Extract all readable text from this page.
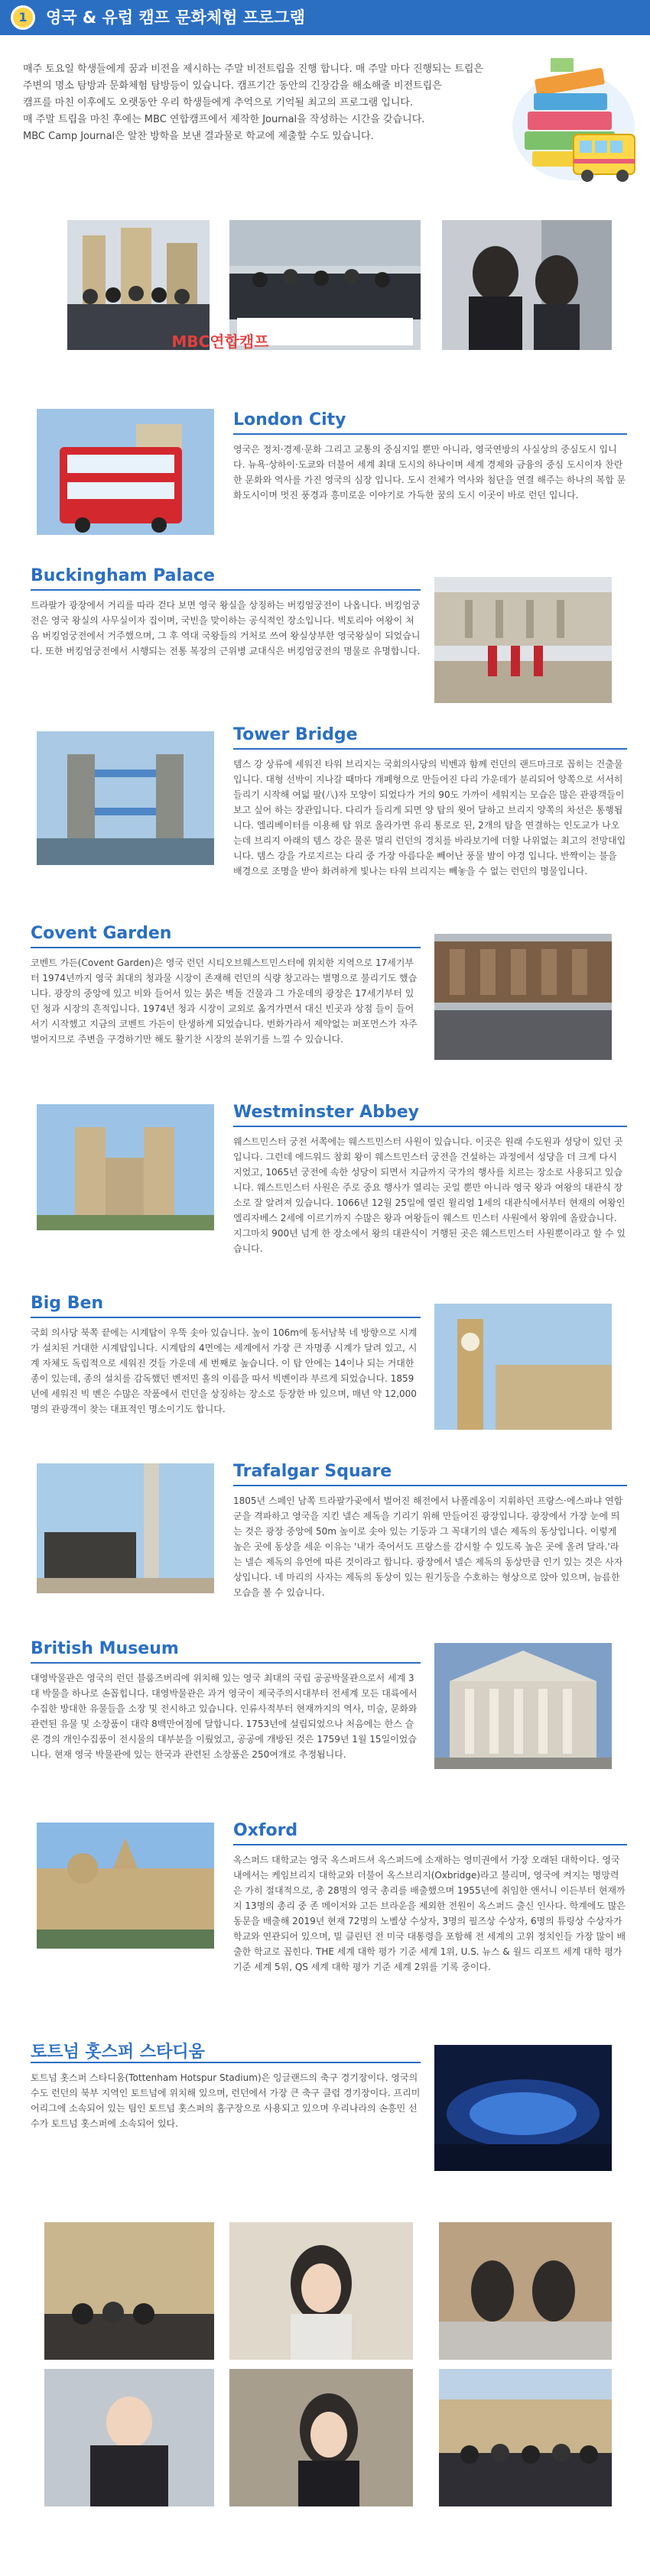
1	영국 & 유럽 캠프 문화체험 프로그램

매주 토요일 학생들에게 꿈과 비전을 제시하는 주말 비전트립을 진행 합니다. 매 주말 마다 진행되는 트립은

주변의 명소 탐방과 문화체험 탐방등이 있습니다. 캠프기간 동안의 긴장감을 해소해줄 비전트립은

캠프를 마친 이후에도 오랫동안 우리 학생들에게 추억으로 기억될 최고의 프로그램 입니다.

매 주말 트립을 마친 후에는 MBC 연합캠프에서 제작한 Journal을 작성하는 시간을 갖습니다.

MBC Camp Journal은 알찬 방학을 보낸 결과물로 학교에 제출할 수도 있습니다.

MBC연합캠프
London City
영국은 정치·경제·문화 그리고 교통의 중심지일 뿐만 아니라, 영국연방의 사실상의 중심도시 입니다. 뉴욕·상하이·도쿄와 더불어 세계 최대 도시의 하나이며 세계 경제와 금융의 중심 도시이자 찬란한 문화와 역사를 가진 영국의 심장 입니다. 도시 전체가 역사와 첨단을 연결 해주는 하나의 복합 문화도시이며 멋진 풍경과 흥미로운 이야기로 가득한 꿈의 도시 이곳이 바로 런던 입니다.
Buckingham Palace
트라팔가 광장에서 거리를 따라 걷다 보면 영국 왕실을 상징하는 버킹엄궁전이 나옵니다. 버킹엄궁전은 영국 왕실의 사무실이자 집이며, 국빈을 맞이하는 공식적인 장소입니다. 빅토리아 여왕이 처음 버킹엄궁전에서 거주했으며, 그 후 역대 국왕들의 거처로 쓰여 왕실상부한 영국왕실이 되었습니다. 또한 버킹엄궁전에서 시행되는 전통 복장의 근위병 교대식은 버킹엄궁전의 명물로 유명합니다.
Tower Bridge
템스 강 상류에 세워진 타워 브리지는 국회의사당의 빅벤과 함께 런던의 랜드마크로 꼽히는 건출물입니다. 대형 선박이 지나갈 때마다 개폐형으로 만들어진 다리 가운데가 분리되어 양쪽으로 서서히 들리기 시작해 여덟 팔(八)자 모양이 되었다가 거의 90도 가까이 세워지는 모습은 많은 관광객들이 보고 싶어 하는 장관입니다. 다리가 들리게 되면 양 탑의 윗어 달하고 브리지 양쪽의 차선은 통행됩니다. 엘리베이터를 이용해 탑 위로 올라가면 유리 통로로 된, 2개의 탑을 연결하는 인도교가 나오는데 브리지 아래의 템스 강은 물론 멀리 런던의 경치를 바라보기에 더할 나위없는 최고의 전망대입니다. 템스 강을 가로지르는 다리 중 가장 아름다운 빼어난 풍물 밤이 야경 입니다. 반짝이는 불을 배경으로 조명을 받아 화려하게 빛나는 타워 브리지는 빼놓을 수 없는 런던의 명물입니다.
Covent Garden
코벤트 가든(Covent Garden)은 영국 런던 시티오브웨스트민스터에 위치한 지역으로 17세기부터 1974년까지 영국 최대의 청과물 시장이 존재해 런던의 식량 창고라는 별명으로 불리기도 했습니다. 광장의 중앙에 있고 비와 들어서 있는 붉은 벽돌 건물과 그 가운데의 광장은 17세기부터 있던 청과 시장의 흔적입니다. 1974년 청과 시장이 교외로 옮겨가면서 대신 빈곳과 상점 들이 들어서기 시작했고 지금의 코벤트 가든이 탄생하게 되었습니다. 번화가라서 제약없는 퍼포먼스가 자주 벌어지므로 주변을 구경하기만 해도 활기찬 시장의 분위기를 느낄 수 있습니다.
Westminster Abbey
웨스트민스터 궁전 서쪽에는 웨스트민스터 사원이 있습니다. 이곳은 원래 수도원과 성당이 있던 곳입니다. 그런데 에드워드 참회 왕이 웨스트민스터 궁전을 건설하는 과정에서 성당을 더 크게 다시 지었고, 1065년 궁전에 속한 성당이 되면서 지금까지 국가의 행사를 치르는 장소로 사용되고 있습니다. 웨스트민스터 사원은 주로 중요 행사가 열리는 곳일 뿐만 아니라 영국 왕과 여왕의 대관식 장소로 잘 알려져 있습니다. 1066년 12월 25일에 열린 윌리엄 1세의 대관식에서부터 현재의 여왕인 엘리자베스 2세에 이르기까지 수많은 왕과 여왕들이 웨스트 민스터 사원에서 왕위에 올랐습니다. 지그마치 900년 넘게 한 장소에서 왕의 대관식이 거행된 곳은 웨스트민스터 사원뿐이라고 할 수 있습니다.
Big Ben
국회 의사당 북쪽 끝에는 시계탑이 우뚝 솟아 있습니다. 높이 106m에 동서남북 네 방향으로 시계가 설치된 거대한 시계탑입니다. 시계탑의 4면에는 세계에서 가장 큰 자명종 시계가 달려 있고, 시계 자체도 독립적으로 세워진 것들 가운데 세 번째로 높습니다. 이 탑 안에는 14이나 되는 거대한 종이 있는데, 종의 설치를 감독했던 벤저민 홀의 이름을 따서 빅벤이라 부르게 되었습니다. 1859년에 세워진 빅 벤은 수많은 작품에서 런던을 상징하는 장소로 등장한 바 있으며, 매년 약 12,000명의 관광객이 찾는 대표적인 명소이기도 합니다.
Trafalgar Square
1805년 스페인 남쪽 트라팔가곶에서 벌어진 해전에서 나폴레옹이 지휘하던 프랑스·에스파냐 연합군을 격파하고 영국을 지킨 넬슨 제독을 기리기 위해 만들어진 광장입니다. 광장에서 가장 눈에 띄는 것은 광장 중앙에 50m 높이로 솟아 있는 기둥과 그 꼭대기의 넬슨 제독의 동상입니다. 이렇게 높은 곳에 동상을 세운 이유는 '내가 죽어서도 프랑스를 감시할 수 있도록 높은 곳에 올려 달라.'라는 넬슨 제독의 유언에 따른 것이라고 합니다. 광장에서 넬슨 제독의 동상만큼 인기 있는 것은 사자상입니다. 네 마리의 사자는 제독의 동상이 있는 원기둥을 수호하는 형상으로 앉아 있으며, 늠름한 모습을 볼 수 있습니다.
British Museum
대영박물관은 영국의 런던 블룸즈버리에 위치해 있는 영국 최대의 국립 공공박물관으로서 세계 3대 박물을 하나로 손꼽힙니다. 대영박물관은 과거 영국이 제국주의시대부터 전세계 모든 대륙에서 수집한 방대한 유물들을 소장 및 전시하고 있습니다. 인류사적부터 현재까지의 역사, 미술, 문화와 관련된 유물 및 소장품이 대략 8백만여점에 달합니다. 1753년에 설립되었으나 처음에는 한스 슬론 경의 개인수집품이 전시물의 대부분을 이뤘었고, 공공에 개방된 것은 1759년 1월 15일이었습니다. 현재 영국 박물관에 있는 한국과 관련된 소장품은 250여개로 추정됩니다.
Oxford
옥스퍼드 대학교는 영국 옥스퍼드셔 옥스퍼드에 소재하는 영미권에서 가장 오래된 대학이다. 영국 내에서는 케임브리지 대학교와 더불어 옥스브리지(Oxbridge)라고 불리며, 영국에 켜지는 명망력은 가히 절대적으로, 총 28명의 영국 총리를 배출했으며 1955년에 취임한 앤서니 이든부터 현재까지 13명의 총리 중 존 메이저와 고든 브라운을 제외한 전원이 옥스퍼드 출신 인사다. 학계에도 많은 동문을 배출해 2019년 현재 72명의 노벨상 수상자, 3명의 필즈상 수상자, 6명의 튜링상 수상자가 학교와 연관되어 있으며, 빌 클린턴 전 미국 대통령을 포함해 전 세계의 고위 정치인들 가장 많이 배출한 학교로 꼽힌다. THE 세계 대학 평가 기준 세계 1위, U.S. 뉴스 & 월드 리포트 세계 대학 평가 기준 세계 5위, QS 세계 대학 평가 기준 세계 2위를 기록 중이다.
토트넘 홋스퍼 스타디움
토트넘 홋스퍼 스타디움(Tottenham Hotspur Stadium)은 잉글랜드의 축구 경기장이다. 영국의 수도 런던의 북부 지역인 토트넘에 위치해 있으며, 런던에서 가장 큰 축구 클럽 경기장이다. 프리미어리그에 소속되어 있는 팀인 토트넘 홋스퍼의 홈구장으로 사용되고 있으며 우리나라의 손흥민 선수가 토트넘 홋스퍼에 소속되어 있다.
